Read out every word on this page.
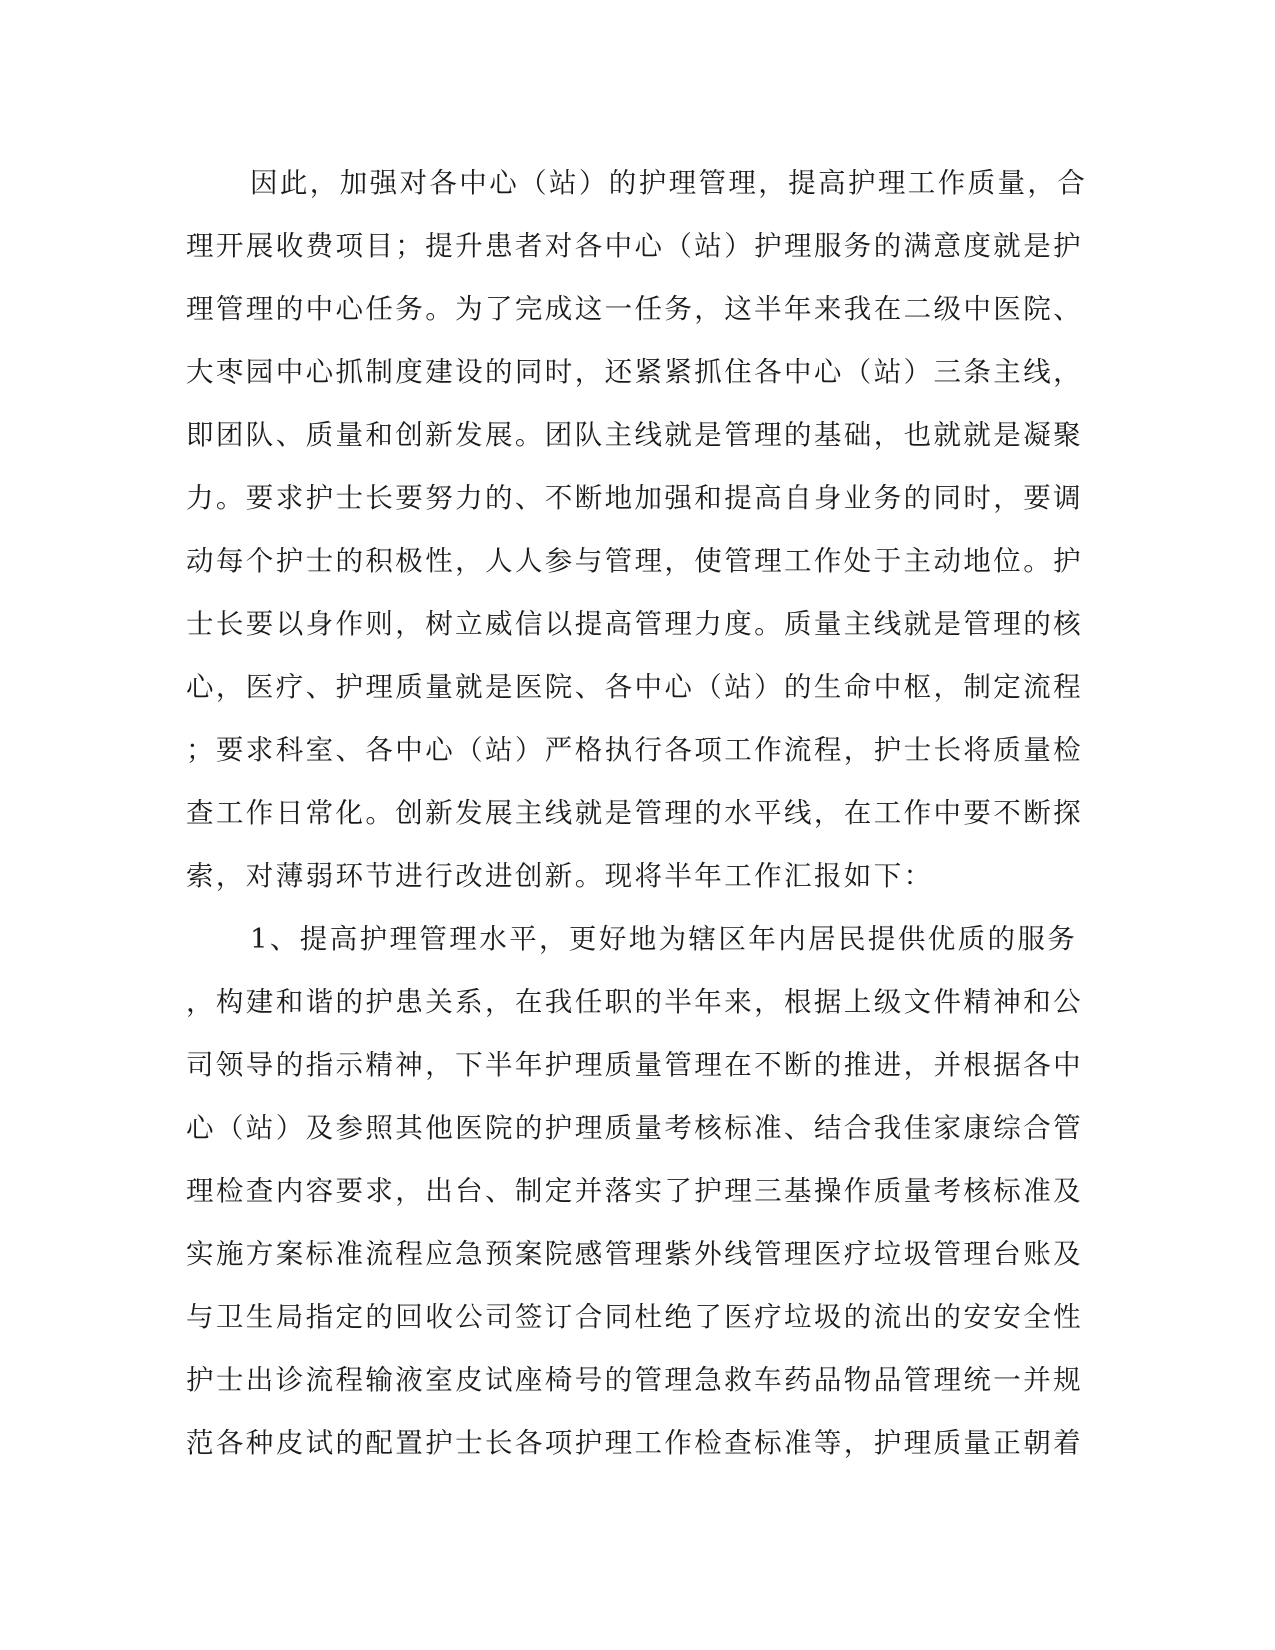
因此，加强对各中心（站）的护理管理，提高护理工作质量，合
理开展收费项目；提升患者对各中心（站）护理服务的满意度就是护
理管理的中心任务。为了完成这一任务，这半年来我在二级中医院、
大枣园中心抓制度建设的同时，还紧紧抓住各中心（站）三条主线，
即团队、质量和创新发展。团队主线就是管理的基础，也就就是凝聚
力。要求护士长要努力的、不断地加强和提高自身业务的同时，要调
动每个护士的积极性，人人参与管理，使管理工作处于主动地位。护
士长要以身作则，树立威信以提高管理力度。质量主线就是管理的核
心，医疗、护理质量就是医院、各中心（站）的生命中枢，制定流程
；要求科室、各中心（站）严格执行各项工作流程，护士长将质量检
查工作日常化。创新发展主线就是管理的水平线，在工作中要不断探
索，对薄弱环节进行改进创新。现将半年工作汇报如下：
1、提高护理管理水平，更好地为辖区年内居民提供优质的服务
，构建和谐的护患关系，在我任职的半年来，根据上级文件精神和公
司领导的指示精神，下半年护理质量管理在不断的推进，并根据各中
心（站）及参照其他医院的护理质量考核标准、结合我佳家康综合管
理检查内容要求，出台、制定并落实了护理三基操作质量考核标准及
实施方案标准流程应急预案院感管理紫外线管理医疗垃圾管理台账及
与卫生局指定的回收公司签订合同杜绝了医疗垃圾的流出的安安全性
护士出诊流程输液室皮试座椅号的管理急救车药品物品管理统一并规
范各种皮试的配置护士长各项护理工作检查标准等，护理质量正朝着
